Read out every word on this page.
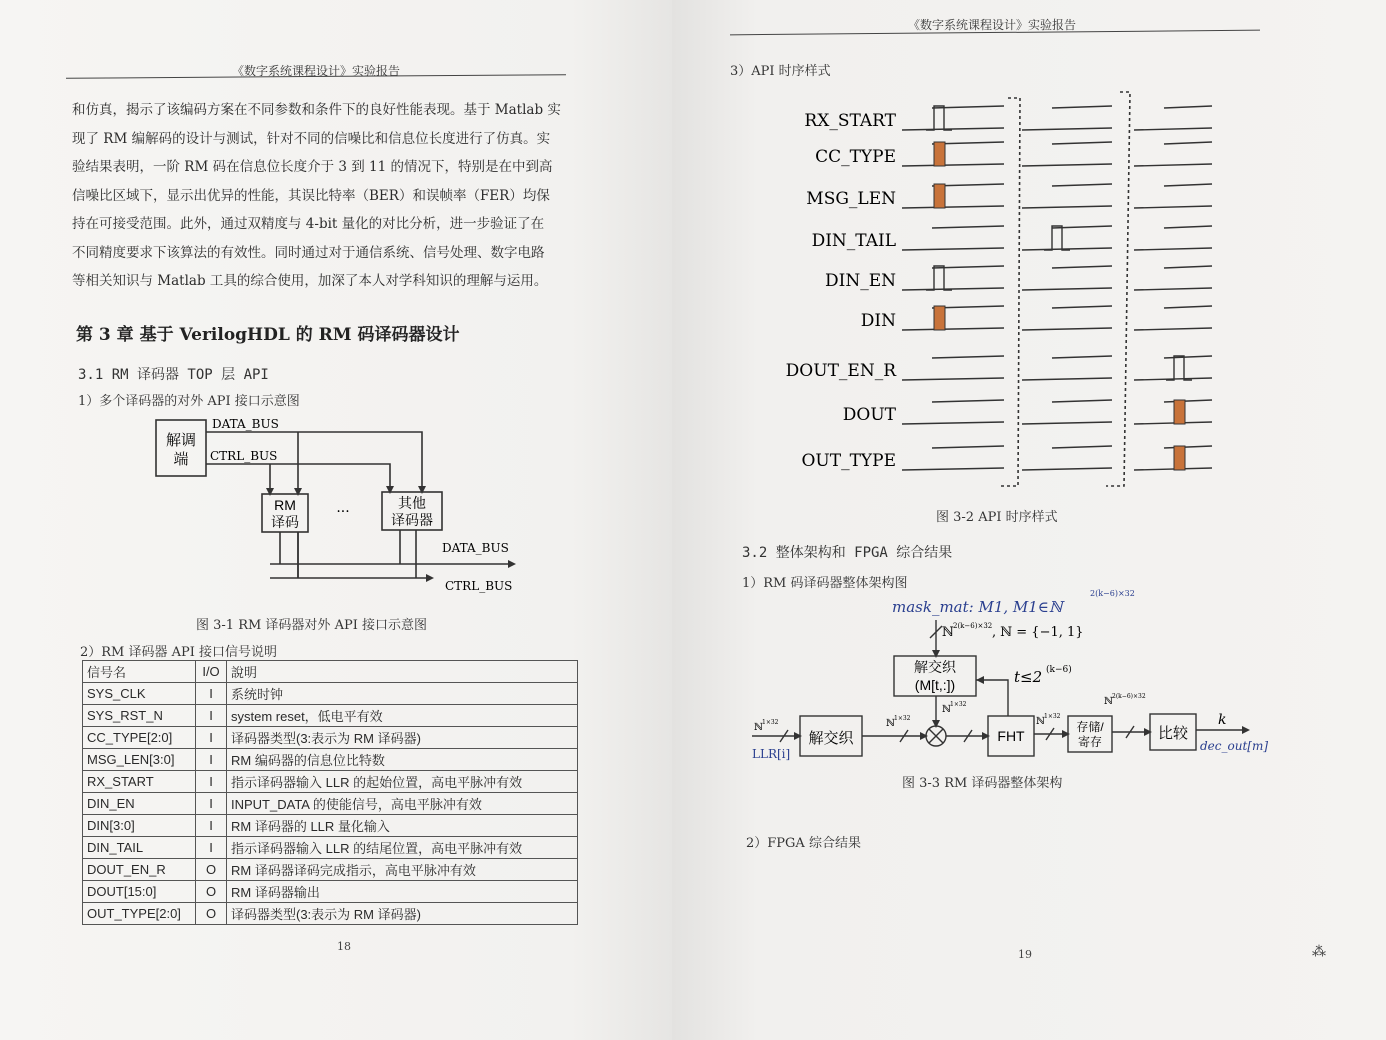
《数字系统课程设计》实验报告
和仿真，揭示了该编码方案在不同参数和条件下的良好性能表现。基于 Matlab 实
现了 RM 编解码的设计与测试，针对不同的信噪比和信息位长度进行了仿真。实
验结果表明，一阶 RM 码在信息位长度介于 3 到 11 的情况下，特别是在中到高
信噪比区域下，显示出优异的性能，其误比特率（BER）和误帧率（FER）均保
持在可接受范围。此外，通过双精度与 4-bit 量化的对比分析，进一步验证了在
不同精度要求下该算法的有效性。同时通过对于通信系统、信号处理、数字电路
等相关知识与 Matlab 工具的综合使用，加深了本人对学科知识的理解与运用。
第 3 章 基于 VerilogHDL 的 RM 码译码器设计
3.1 RM 译码器 TOP 层 API
1）多个译码器的对外 API 接口示意图
解调
端
DATA_BUS
CTRL_BUS
RM
译码
···
其他
译码器
DATA_BUS
CTRL_BUS
图 3-1 RM 译码器对外 API 接口示意图
2）RM 译码器 API 接口信号说明
信号名	I/O	說明
SYS_CLK	I	系统时钟
SYS_RST_N	I	system reset，低电平有效
CC_TYPE[2:0]	I	译码器类型(3:表示为 RM 译码器)
MSG_LEN[3:0]	I	RM 编码器的信息位比特数
RX_START	I	指示译码器输入 LLR 的起始位置，高电平脉冲有效
DIN_EN	I	INPUT_DATA 的使能信号，高电平脉冲有效
DIN[3:0]	I	RM 译码器的 LLR 量化输入
DIN_TAIL	I	指示译码器输入 LLR 的结尾位置，高电平脉冲有效
DOUT_EN_R	O	RM 译码器译码完成指示，高电平脉冲有效
DOUT[15:0]	O	RM 译码器输出
OUT_TYPE[2:0]	O	译码器类型(3:表示为 RM 译码器)
18
《数字系统课程设计》实验报告
3）API 时序样式
RX_START
CC_TYPE
MSG_LEN
DIN_TAIL
DIN_EN
DIN
DOUT_EN_R
DOUT
OUT_TYPE
图 3-2 API 时序样式
3.2 整体架构和 FPGA 综合结果
1）RM 码译码器整体架构图
mask_mat: M1, M1∈ℕ
2(k−6)×32
ℕ 2(k−6)×32 , ℕ = {−1, 1}
解交织
(M[t,:])	t≤2 (k−6)
ℕ
1×32
ℕ
1×32
LLR[i]
解交织
ℕ
1×32
FHT
ℕ
1×32
存储/
寄存
ℕ
2(k−6)×32
比较
k
dec_out[m]
图 3-3 RM 译码器整体架构
2）FPGA 综合结果
19	⁂
